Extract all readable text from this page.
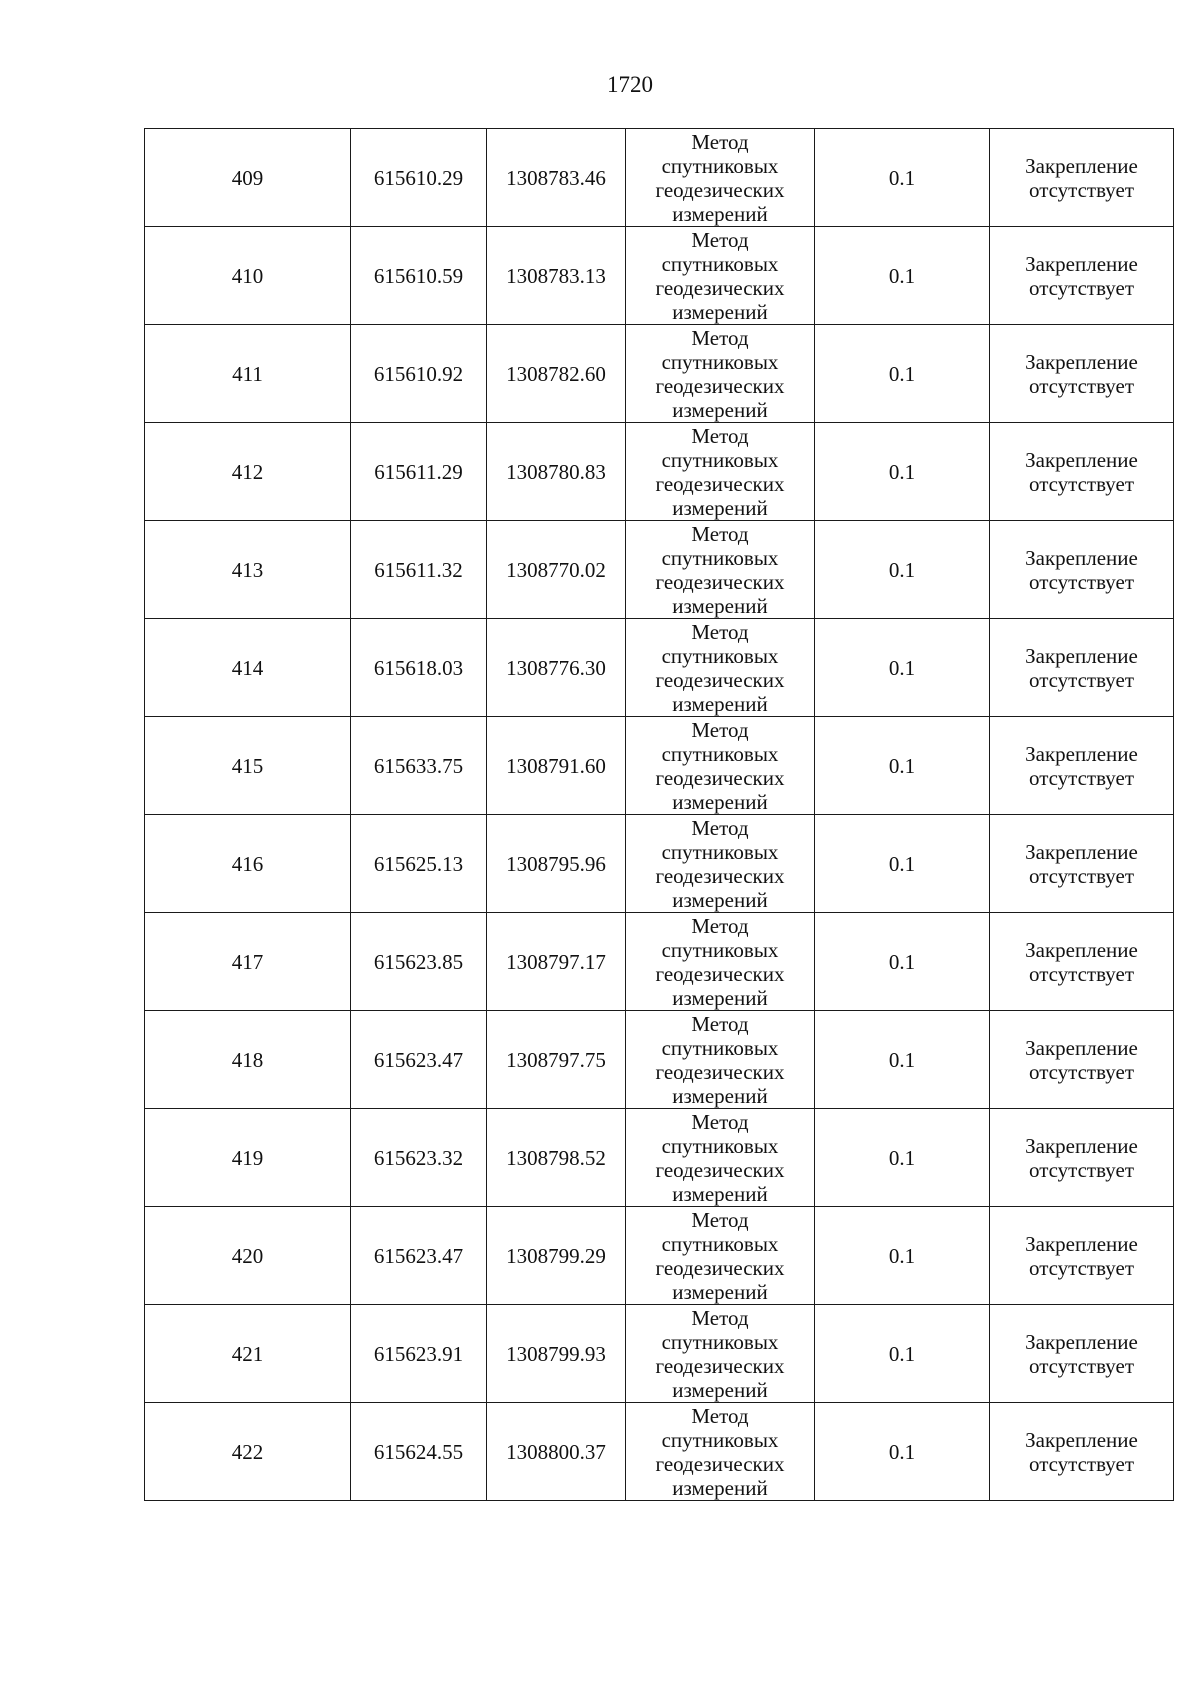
1720
409	615610.29	1308783.46	Метод
спутниковых
геодезических
измерений	0.1	Закрепление
отсутствует
410	615610.59	1308783.13	Метод
спутниковых
геодезических
измерений	0.1	Закрепление
отсутствует
411	615610.92	1308782.60	Метод
спутниковых
геодезических
измерений	0.1	Закрепление
отсутствует
412	615611.29	1308780.83	Метод
спутниковых
геодезических
измерений	0.1	Закрепление
отсутствует
413	615611.32	1308770.02	Метод
спутниковых
геодезических
измерений	0.1	Закрепление
отсутствует
414	615618.03	1308776.30	Метод
спутниковых
геодезических
измерений	0.1	Закрепление
отсутствует
415	615633.75	1308791.60	Метод
спутниковых
геодезических
измерений	0.1	Закрепление
отсутствует
416	615625.13	1308795.96	Метод
спутниковых
геодезических
измерений	0.1	Закрепление
отсутствует
417	615623.85	1308797.17	Метод
спутниковых
геодезических
измерений	0.1	Закрепление
отсутствует
418	615623.47	1308797.75	Метод
спутниковых
геодезических
измерений	0.1	Закрепление
отсутствует
419	615623.32	1308798.52	Метод
спутниковых
геодезических
измерений	0.1	Закрепление
отсутствует
420	615623.47	1308799.29	Метод
спутниковых
геодезических
измерений	0.1	Закрепление
отсутствует
421	615623.91	1308799.93	Метод
спутниковых
геодезических
измерений	0.1	Закрепление
отсутствует
422	615624.55	1308800.37	Метод
спутниковых
геодезических
измерений	0.1	Закрепление
отсутствует
